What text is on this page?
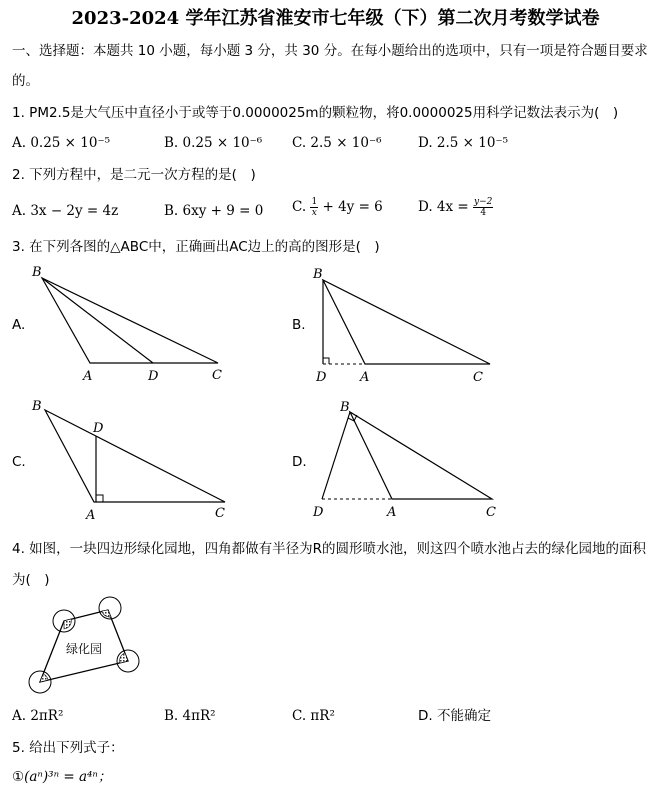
2023-2024 学年江苏省淮安市七年级（下）第二次月考数学试卷
一、选择题：本题共 10 小题，每小题 3 分，共 30 分。在每小题给出的选项中，只有一项是符合题目要求
的。
1. PM2.5是大气压中直径小于或等于0.0000025m的颗粒物，将0.0000025用科学记数法表示为(　)
A. 0.25 × 10⁻⁵	B. 0.25 × 10⁻⁶ C. 2.5 × 10⁻⁶	D. 2.5 × 10⁻⁵
2. 下列方程中，是二元一次方程的是(　)
A. 3x − 2y = 4z	B. 6xy + 9 = 0 C. $\frac{1}{x} + 4y = 6$	D. $4x = \frac{y-2}{4}$
3. 在下列各图的△ABC中，正确画出AC边上的高的图形是(　)
B
A	D	C
B
D	A	C
B
D
A	C
B
D	A	C
A.	B.
C.	D.
4. 如图，一块四边形绿化园地，四角都做有半径为R的圆形喷水池，则这四个喷水池占去的绿化园地的面积
为(　)
绿化园
A. 2πR²	B. 4πR²	C. πR²	D. 不能确定
5. 给出下列式子：
①(aⁿ)³ⁿ = a⁴ⁿ；
